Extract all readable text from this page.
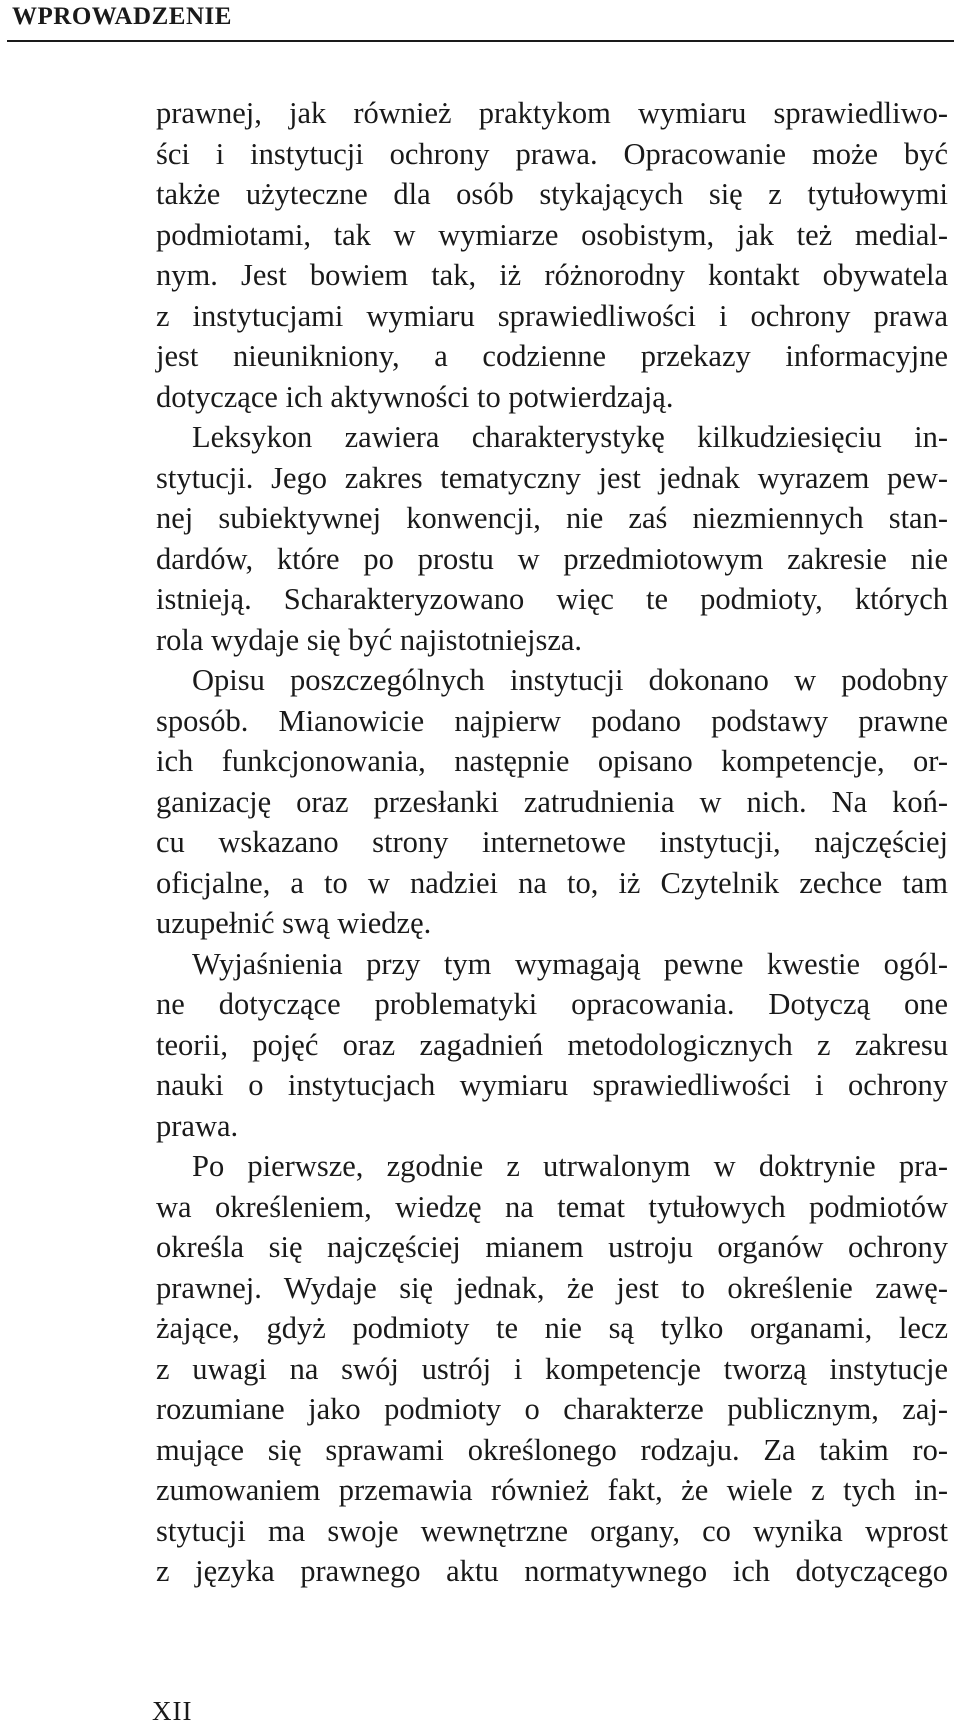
WPROWADZENIE
prawnej, jak również praktykom wymiaru sprawiedliwo-
ści i instytucji ochrony prawa. Opracowanie może być
także użyteczne dla osób stykających się z tytułowymi
podmiotami, tak w wymiarze osobistym, jak też medial-
nym. Jest bowiem tak, iż różnorodny kontakt obywatela
z instytucjami wymiaru sprawiedliwości i ochrony prawa
jest nieunikniony, a codzienne przekazy informacyjne
dotyczące ich aktywności to potwierdzają.
Leksykon zawiera charakterystykę kilkudziesięciu in-
stytucji. Jego zakres tematyczny jest jednak wyrazem pew-
nej subiektywnej konwencji, nie zaś niezmiennych stan-
dardów, które po prostu w przedmiotowym zakresie nie
istnieją. Scharakteryzowano więc te podmioty, których
rola wydaje się być najistotniejsza.
Opisu poszczególnych instytucji dokonano w podobny
sposób. Mianowicie najpierw podano podstawy prawne
ich funkcjonowania, następnie opisano kompetencje, or-
ganizację oraz przesłanki zatrudnienia w nich. Na koń-
cu wskazano strony internetowe instytucji, najczęściej
oficjalne, a to w nadziei na to, iż Czytelnik zechce tam
uzupełnić swą wiedzę.
Wyjaśnienia przy tym wymagają pewne kwestie ogól-
ne dotyczące problematyki opracowania. Dotyczą one
teorii, pojęć oraz zagadnień metodologicznych z zakresu
nauki o instytucjach wymiaru sprawiedliwości i ochrony
prawa.
Po pierwsze, zgodnie z utrwalonym w doktrynie pra-
wa określeniem, wiedzę na temat tytułowych podmiotów
określa się najczęściej mianem ustroju organów ochrony
prawnej. Wydaje się jednak, że jest to określenie zawę-
żające, gdyż podmioty te nie są tylko organami, lecz
z uwagi na swój ustrój i kompetencje tworzą instytucje
rozumiane jako podmioty o charakterze publicznym, zaj-
mujące się sprawami określonego rodzaju. Za takim ro-
zumowaniem przemawia również fakt, że wiele z tych in-
stytucji ma swoje wewnętrzne organy, co wynika wprost
z języka prawnego aktu normatywnego ich dotyczącego
XII
